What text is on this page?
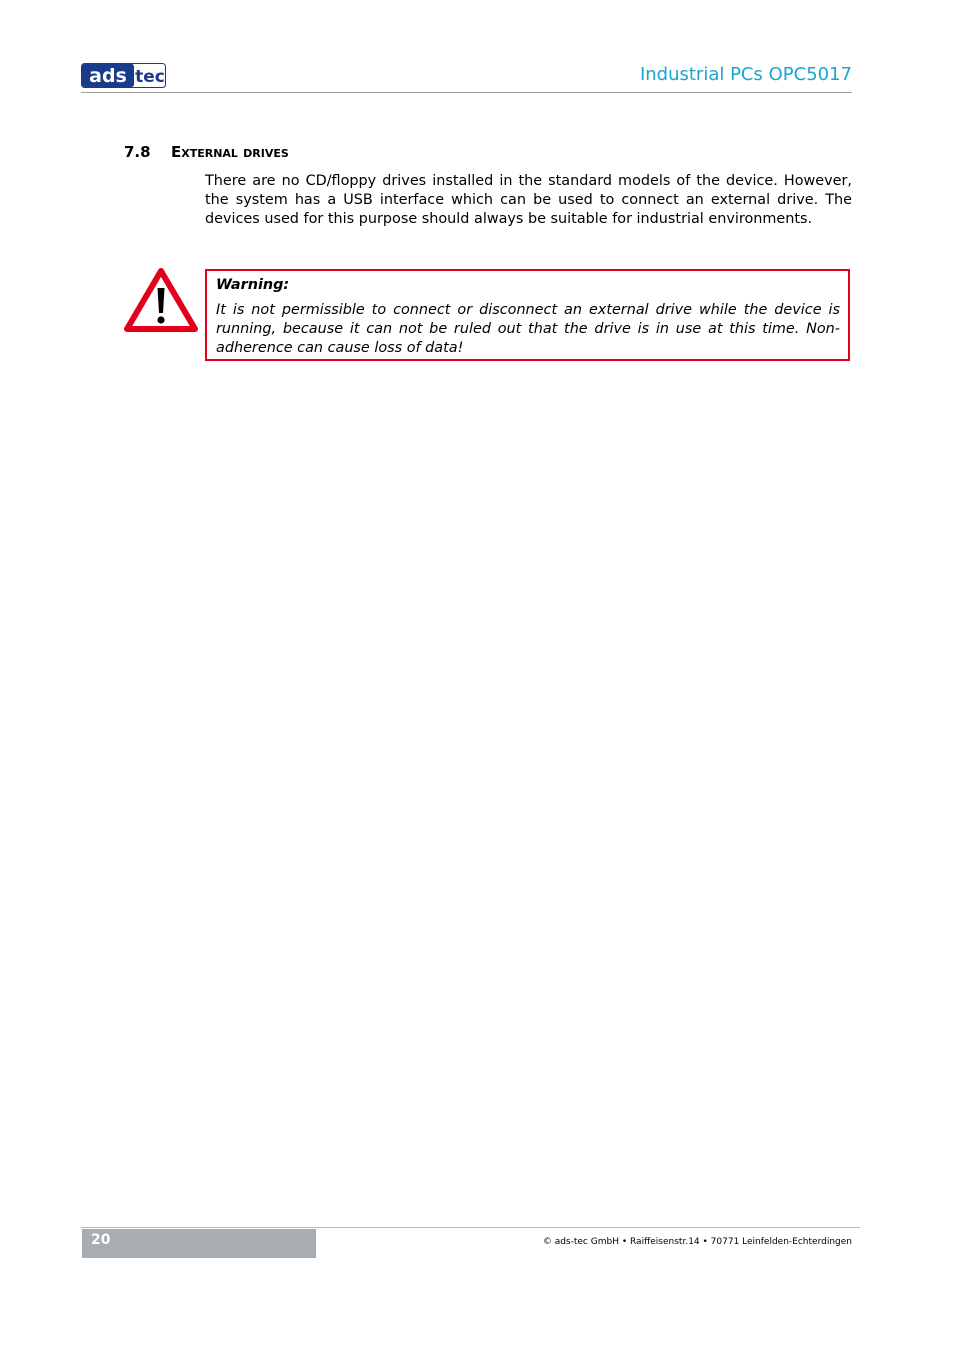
ads tec	Industrial PCs OPC5017
7.8 External drives

There are no CD/floppy drives installed in the standard models of the device. However, the system has a USB interface which can be used to connect an external drive. The devices used for this purpose should always be suitable for industrial environments.

Warning:

It is not permissible to connect or disconnect an external drive while the device is running, because it can not be ruled out that the drive is in use at this time. Non-adherence can cause loss of data!

20	© ads-tec GmbH • Raiffeisenstr.14 • 70771 Leinfelden-Echterdingen
